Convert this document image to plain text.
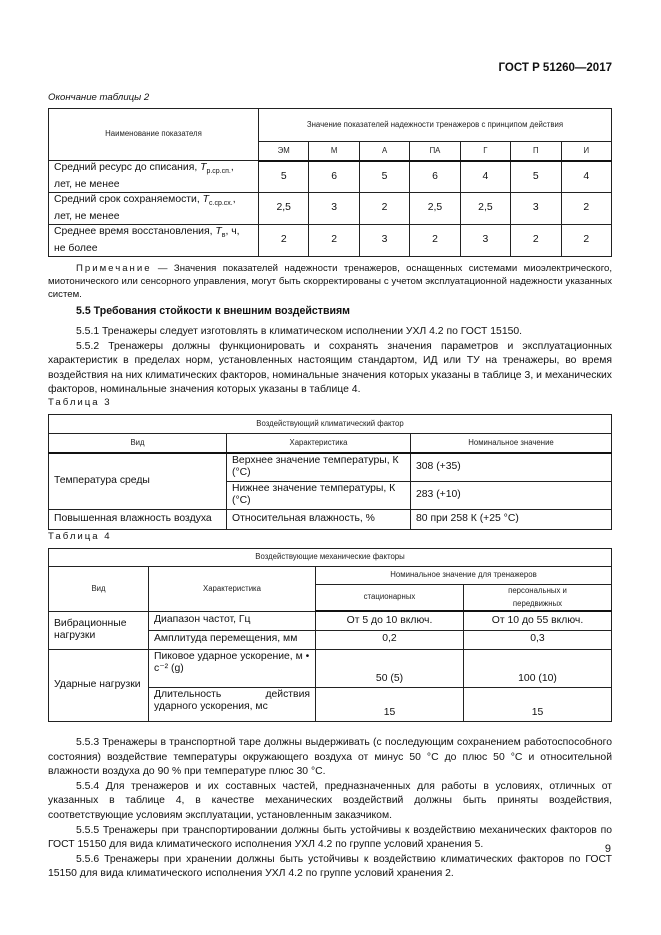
ГОСТ Р 51260—2017
Окончание таблицы 2
Наименование показателя	Значение показателей надежности тренажеров с принципом действия						
	ЭМ	М	А	ПА	Г	П	И
Средний ресурс до списания, $T_{р.ср.сп.}$, лет, не менее	5	6	5	6	4	5	4
Средний срок сохраняемости, $T_{с.ср.сх.}$, лет, не менее	2,5	3	2	2,5	2,5	3	2
Среднее время восстановления, $T_в$, ч, не более	2	2	3	2	3	2	2

Примечание — Значения показателей надежности тренажеров, оснащенных системами миоэлектрического, миотонического или сенсорного управления, могут быть скорректированы с учетом эксплуатационной надежности указанных систем.

5.5 Требования стойкости к внешним воздействиям

5.5.1 Тренажеры следует изготовлять в климатическом исполнении УХЛ 4.2 по ГОСТ 15150.

5.5.2 Тренажеры должны функционировать и сохранять значения параметров и эксплуатационных характеристик в пределах норм, установленных настоящим стандартом, ИД или ТУ на тренажеры, во время воздействия на них климатических факторов, номинальные значения которых указаны в таблице 3, и механических факторов, номинальные значения которых указаны в таблице 4.

Таблица 3
Воздействующий климатический фактор		
Вид	Характеристика	Номинальное значение
Температура среды	Верхнее значение температуры, К (°С)	308 (+35)
	Нижнее значение температуры, К (°С)	283 (+10)
Повышенная влажность воздуха	Относительная влажность, %	80 при 258 К (+25 °С)
Таблица 4
Воздействующие механические факторы			
Вид	Характеристика	Номинальное значение для тренажеров	
		стационарных	персональных и передвижных
Вибрационные нагрузки	Диапазон частот, Гц	От 5 до 10 включ.	От 10 до 55 включ.
	Амплитуда перемещения, мм	0,2	0,3
Ударные нагрузки	Пиковое ударное ускорение, м • с⁻² (g)	50 (5)	100 (10)
	Длительность действия ударного ускорения, мс	15	15

5.5.3 Тренажеры в транспортной таре должны выдерживать (с последующим сохранением работоспособного состояния) воздействие температуры окружающего воздуха от минус 50 °С до плюс 50 °С и относительной влажности воздуха до 90 % при температуре плюс 30 °С.

5.5.4 Для тренажеров и их составных частей, предназначенных для работы в условиях, отличных от указанных в таблице 4, в качестве механических воздействий должны быть приняты воздействия, соответствующие условиям эксплуатации, установленным заказчиком.

5.5.5 Тренажеры при транспортировании должны быть устойчивы к воздействию механических факторов по ГОСТ 15150 для вида климатического исполнения УХЛ 4.2 по группе условий хранения 5.

5.5.6 Тренажеры при хранении должны быть устойчивы к воздействию климатических факторов по ГОСТ 15150 для вида климатического исполнения УХЛ 4.2 по группе условий хранения 2.

9
